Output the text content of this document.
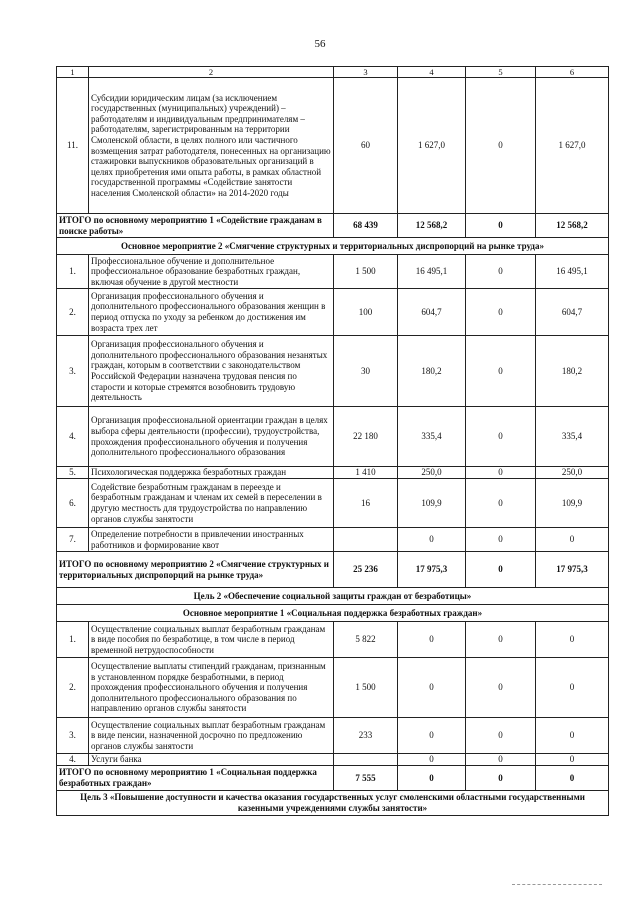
56
1	2	3	4	5	6
11.	Субсидии юридическим лицам (за исключением государственных (муниципальных) учреждений) – работодателям и индивидуальным предпринимателям – работодателям, зарегистрированным на территории Смоленской области, в целях полного или частичного возмещения затрат работодателя, понесенных на организацию стажировки выпускников образовательных организаций в целях приобретения ими опыта работы, в рамках областной государственной программы «Содействие занятости населения Смоленской области» на 2014-2020 годы	60	1 627,0	0	1 627,0
ИТОГО по основному мероприятию 1 «Содействие гражданам в поиске работы»		68 439	12 568,2	0	12 568,2
Основное мероприятие 2 «Смягчение структурных и территориальных диспропорций на рынке труда»					
1.	Профессиональное обучение и дополнительное профессиональное образование безработных граждан, включая обучение в другой местности	1 500	16 495,1	0	16 495,1
2.	Организация профессионального обучения и дополнительного профессионального образования женщин в период отпуска по уходу за ребенком до достижения им возраста трех лет	100	604,7	0	604,7
3.	Организация профессионального обучения и дополнительного профессионального образования незанятых граждан, которым в соответствии с законодательством Российской Федерации назначена трудовая пенсия по старости и которые стремятся возобновить трудовую деятельность	30	180,2	0	180,2
4.	Организация профессиональной ориентации граждан в целях выбора сферы деятельности (профессии), трудоустройства, прохождения профессионального обучения и получения дополнительного профессионального образования	22 180	335,4	0	335,4
5.	Психологическая поддержка безработных граждан	1 410	250,0	0	250,0
6.	Содействие безработным гражданам в переезде и безработным гражданам и членам их семей в переселении в другую местность для трудоустройства по направлению органов службы занятости	16	109,9	0	109,9
7.	Определение потребности в привлечении иностранных работников и формирование квот		0	0	0
ИТОГО по основному мероприятию 2 «Смягчение структурных и территориальных диспропорций на рынке труда»		25 236	17 975,3	0	17 975,3
Цель 2 «Обеспечение социальной защиты граждан от безработицы»					
Основное мероприятие 1 «Социальная поддержка безработных граждан»					
1.	Осуществление социальных выплат безработным гражданам в виде пособия по безработице, в том числе в период временной нетрудоспособности	5 822	0	0	0
2.	Осуществление выплаты стипендий гражданам, признанным в установленном порядке безработными, в период прохождения профессионального обучения и получения дополнительного профессионального образования по направлению органов службы занятости	1 500	0	0	0
3.	Осуществление социальных выплат безработным гражданам в виде пенсии, назначенной досрочно по предложению органов службы занятости	233	0	0	0
4.	Услуги банка		0	0	0
ИТОГО по основному мероприятию 1 «Социальная поддержка безработных граждан»		7 555	0	0	0
Цель 3 «Повышение доступности и качества оказания государственных услуг смоленскими областными государственными казенными учреждениями службы занятости»					
